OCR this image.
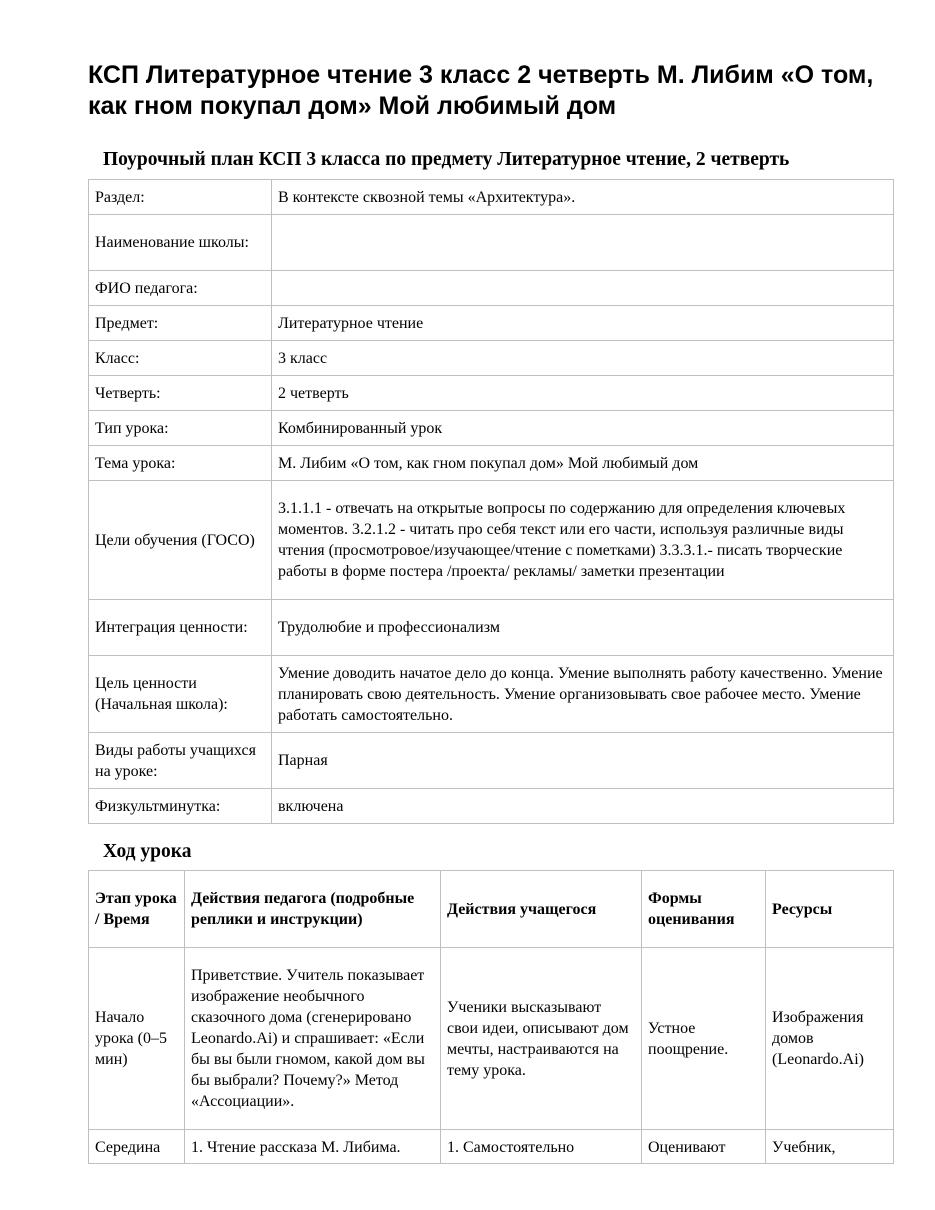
КСП Литературное чтение 3 класс 2 четверть М. Либим «О том, как гном покупал дом» Мой любимый дом
Поурочный план КСП 3 класса по предмету Литературное чтение, 2 четверть
Раздел:	В контексте сквозной темы «Архитектура».
Наименование школы:	
ФИО педагога:	
Предмет:	Литературное чтение
Класс:	3 класс
Четверть:	2 четверть
Тип урока:	Комбинированный урок
Тема урока:	М. Либим «О том, как гном покупал дом» Мой любимый дом
Цели обучения (ГОСО)	3.1.1.1 - отвечать на открытые вопросы по содержанию для определения ключевых моментов. 3.2.1.2 - читать про себя текст или его части, используя различные виды чтения (просмотровое/изучающее/чтение с пометками) 3.3.3.1.- писать творческие работы в форме постера /проекта/ рекламы/ заметки презентации
Интеграция ценности:	Трудолюбие и профессионализм
Цель ценности (Начальная школа):	Умение доводить начатое дело до конца. Умение выполнять работу качественно. Умение планировать свою деятельность. Умение организовывать свое рабочее место. Умение работать самостоятельно.
Виды работы учащихся на уроке:	Парная
Физкультминутка:	включена
Ход урока
Этап урока / Время	Действия педагога (подробные реплики и инструкции)	Действия учащегося	Формы оценивания	Ресурсы
Начало урока (0–5 мин)	Приветствие. Учитель показывает изображение необычного сказочного дома (сгенерировано Leonardo.Ai) и спрашивает: «Если бы вы были гномом, какой дом вы бы выбрали? Почему?» Метод «Ассоциации».	Ученики высказывают свои идеи, описывают дом мечты, настраиваются на тему урока.	Устное поощрение.	Изображения домов (Leonardo.Ai)
Середина	1. Чтение рассказа М. Либима.	1. Самостоятельно	Оценивают	Учебник,
